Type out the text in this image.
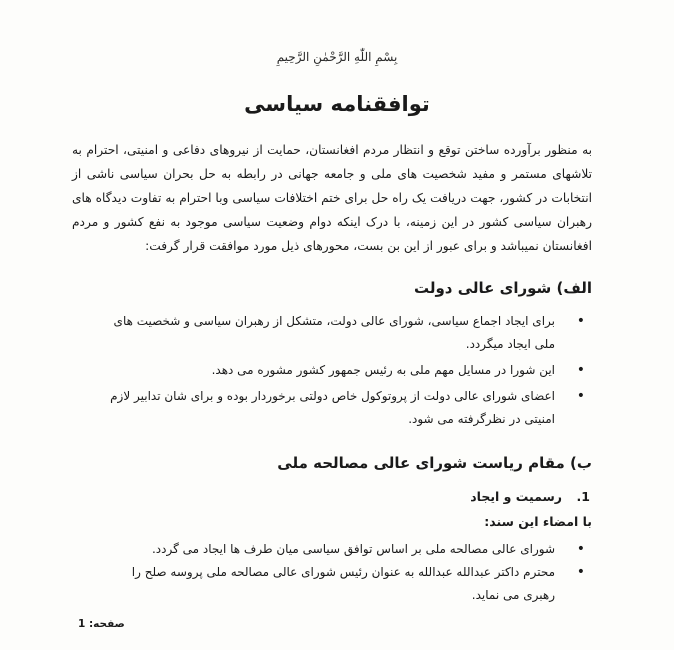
بِسْمِ اللّٰهِ الرَّحْمٰنِ الرَّحِیمِ
توافقنامه سیاسی

به منظور برآورده ساختن توقع و انتظار مردم افغانستان، حمایت از نیروهای دفاعی و امنیتی، احترام به تلاشهای مستمر و مفید شخصیت های ملی و جامعه جهانی در رابطه به حل بحران سیاسی ناشی از انتخابات در کشور، جهت دریافت یک راه حل برای ختم اختلافات سیاسی وبا احترام به تفاوت دیدگاه های رهبران سیاسی کشور در این زمینه، با درک اینکه دوام وضعیت سیاسی موجود به نفع کشور و مردم افغانستان نمیباشد و برای عبور از این بن بست، محورهای ذیل مورد موافقت قرار گرفت:

الف) شورای عالی دولت
• برای ایجاد اجماع سیاسی، شورای عالی دولت، متشکل از رهبران سیاسی و شخصیت های ملی ایجاد میگردد.
• این شورا در مسایل مهم ملی به رئیس جمهور کشور مشوره می دهد.
• اعضای شورای عالی دولت از پروتوکول خاص دولتی برخوردار بوده و برای شان تدابیر لازم امنیتی در نظرگرفته می شود.
ب) مقام ریاست شورای عالی مصالحه ملی
1.رسمیت و ایجاد
با امضاء این سند:
• شورای عالی مصالحه ملی بر اساس توافق سیاسی میان طرف ها ایجاد می گردد.
• محترم داکتر عبدالله عبدالله به عنوان رئیس شورای عالی مصالحه ملی پروسه صلح را رهبری می نماید.
صفحه: 1
